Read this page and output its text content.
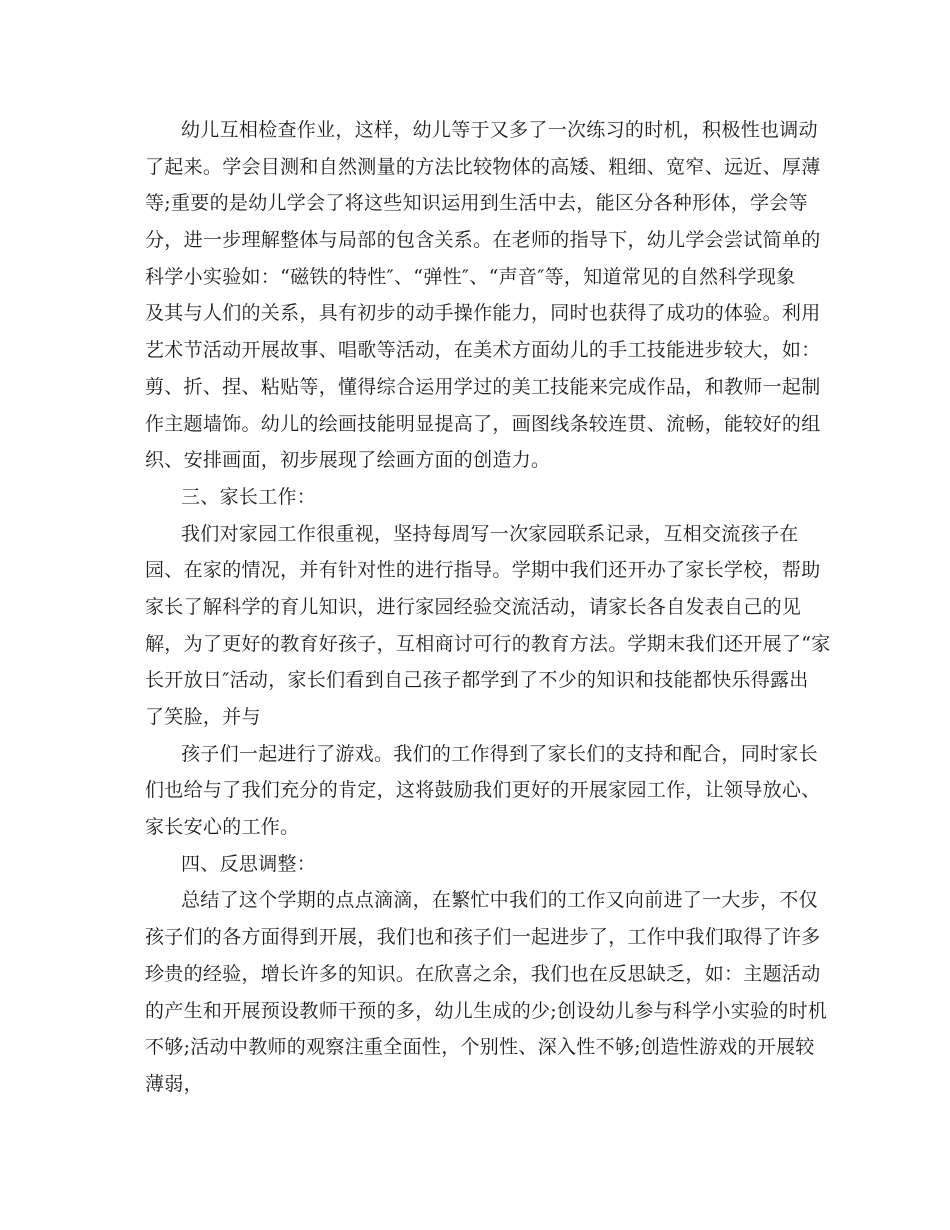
幼儿互相检查作业，这样，幼儿等于又多了一次练习的时机，积极性也调动
了起来。学会目测和自然测量的方法比较物体的高矮、粗细、宽窄、远近、厚薄
等;重要的是幼儿学会了将这些知识运用到生活中去，能区分各种形体，学会等
分，进一步理解整体与局部的包含关系。在老师的指导下，幼儿学会尝试简单的
科学小实验如：“磁铁的特性″、“弹性″、“声音″等，知道常见的自然科学现象
及其与人们的关系，具有初步的动手操作能力，同时也获得了成功的体验。利用
艺术节活动开展故事、唱歌等活动，在美术方面幼儿的手工技能进步较大，如：
剪、折、捏、粘贴等，懂得综合运用学过的美工技能来完成作品，和教师一起制
作主题墙饰。幼儿的绘画技能明显提高了，画图线条较连贯、流畅，能较好的组
织、安排画面，初步展现了绘画方面的创造力。
三、家长工作：
我们对家园工作很重视，坚持每周写一次家园联系记录，互相交流孩子在
园、在家的情况，并有针对性的进行指导。学期中我们还开办了家长学校，帮助
家长了解科学的育儿知识，进行家园经验交流活动，请家长各自发表自己的见
解，为了更好的教育好孩子，互相商讨可行的教育方法。学期末我们还开展了“家
长开放日″活动，家长们看到自己孩子都学到了不少的知识和技能都快乐得露出
了笑脸，并与
孩子们一起进行了游戏。我们的工作得到了家长们的支持和配合，同时家长
们也给与了我们充分的肯定，这将鼓励我们更好的开展家园工作，让领导放心、
家长安心的工作。
四、反思调整：
总结了这个学期的点点滴滴，在繁忙中我们的工作又向前进了一大步，不仅
孩子们的各方面得到开展，我们也和孩子们一起进步了，工作中我们取得了许多
珍贵的经验，增长许多的知识。在欣喜之余，我们也在反思缺乏，如：主题活动
的产生和开展预设教师干预的多，幼儿生成的少;创设幼儿参与科学小实验的时机
不够;活动中教师的观察注重全面性，个别性、深入性不够;创造性游戏的开展较
薄弱，
